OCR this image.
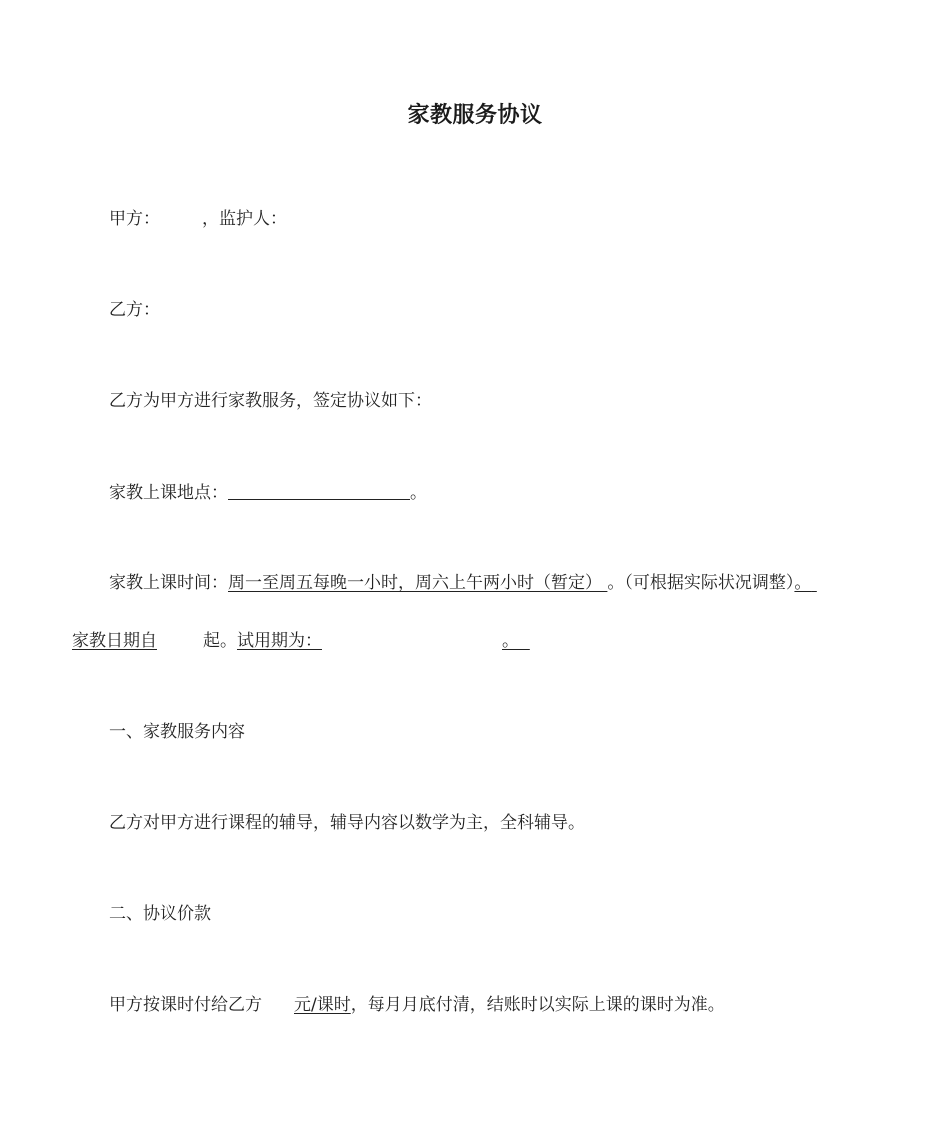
家教服务协议
甲方： ，监护人：
乙方：
乙方为甲方进行家教服务，签定协议如下：
家教上课地点：	。
家教上课时间：周一至周五每晚一小时，周六上午两小时（暂定） 。（可根据实际状况调整）。
家教日期自	起。试用期为：	。
一、家教服务内容
乙方对甲方进行课程的辅导，辅导内容以数学为主，全科辅导。
二、协议价款
甲方按课时付给乙方 元/课时，每月月底付清，结账时以实际上课的课时为准。
